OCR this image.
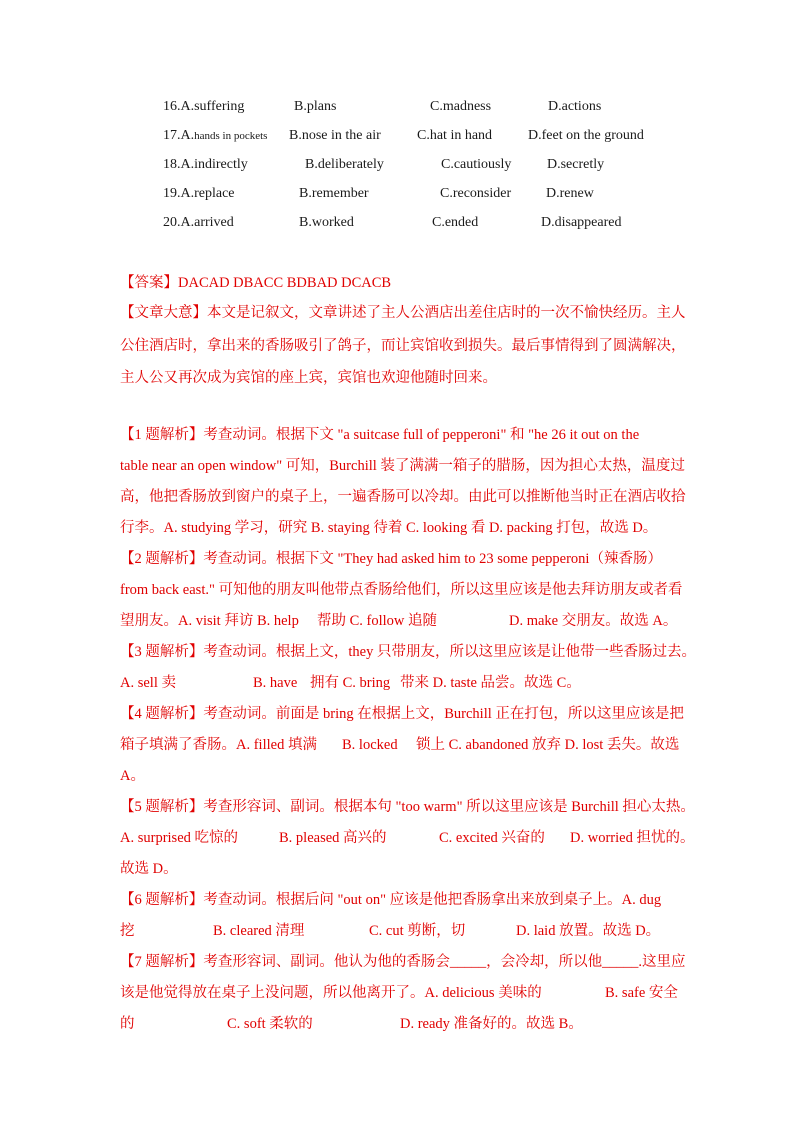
16.A.suffering	B.plans	C.madness	D.actions
17.A.hands in pockets B.nose in the air	C.hat in hand	D.feet on the ground
18.A.indirectly	B.deliberately	C.cautiously	D.secretly
19.A.replace	B.remember	C.reconsider D.renew
20.A.arrived	B.worked	C.ended	D.disappeared
【答案】DACAD DBACC BDBAD DCACB
【文章大意】本文是记叙文，文章讲述了主人公酒店出差住店时的一次不愉快经历。主人
公住酒店时，拿出来的香肠吸引了鸽子，而让宾馆收到损失。最后事情得到了圆满解决，
主人公又再次成为宾馆的座上宾，宾馆也欢迎他随时回来。
【1 题解析】考查动词。根据下文 "a suitcase full of pepperoni" 和 "he 26 it out on the
table near an open window" 可知，Burchill 装了满满一箱子的腊肠，因为担心太热，温度过
高，他把香肠放到窗户的桌子上，一遍香肠可以冷却。由此可以推断他当时正在酒店收拾
行李。A. studying 学习，研究 B. staying 待着 C. looking 看 D. packing 打包，故选 D。
【2 题解析】考查动词。根据下文 "They had asked him to 23 some pepperoni（辣香肠）
from back east." 可知他的朋友叫他带点香肠给他们，所以这里应该是他去拜访朋友或者看
望朋友。A. visit 拜访 B. help 帮助 C. follow 追随	D. make 交朋友。故选 A。
【3 题解析】考查动词。根据上文，they 只带朋友，所以这里应该是让他带一些香肠过去。
A. sell 卖	B. have 拥有 C. bring 带来 D. taste 品尝。故选 C。
【4 题解析】考查动词。前面是 bring 在根据上文，Burchill 正在打包，所以这里应该是把
箱子填满了香肠。A. filled 填满 B. locked 锁上 C. abandoned 放弃 D. lost 丢失。故选
A。
【5 题解析】考查形容词、副词。根据本句 "too warm" 所以这里应该是 Burchill 担心太热。
A. surprised 吃惊的	B. pleased 高兴的	C. excited 兴奋的 D. worried 担忧的。
故选 D。
【6 题解析】考查动词。根据后问 "out on" 应该是他把香肠拿出来放到桌子上。A. dug
挖	B. cleared 清理	C. cut 剪断，切	D. laid 放置。故选 D。
【7 题解析】考查形容词、副词。他认为他的香肠会_____，会冷却，所以他_____.这里应
该是他觉得放在桌子上没问题，所以他离开了。A. delicious 美味的	B. safe 安全
的	C. soft 柔软的	D. ready 准备好的。故选 B。
